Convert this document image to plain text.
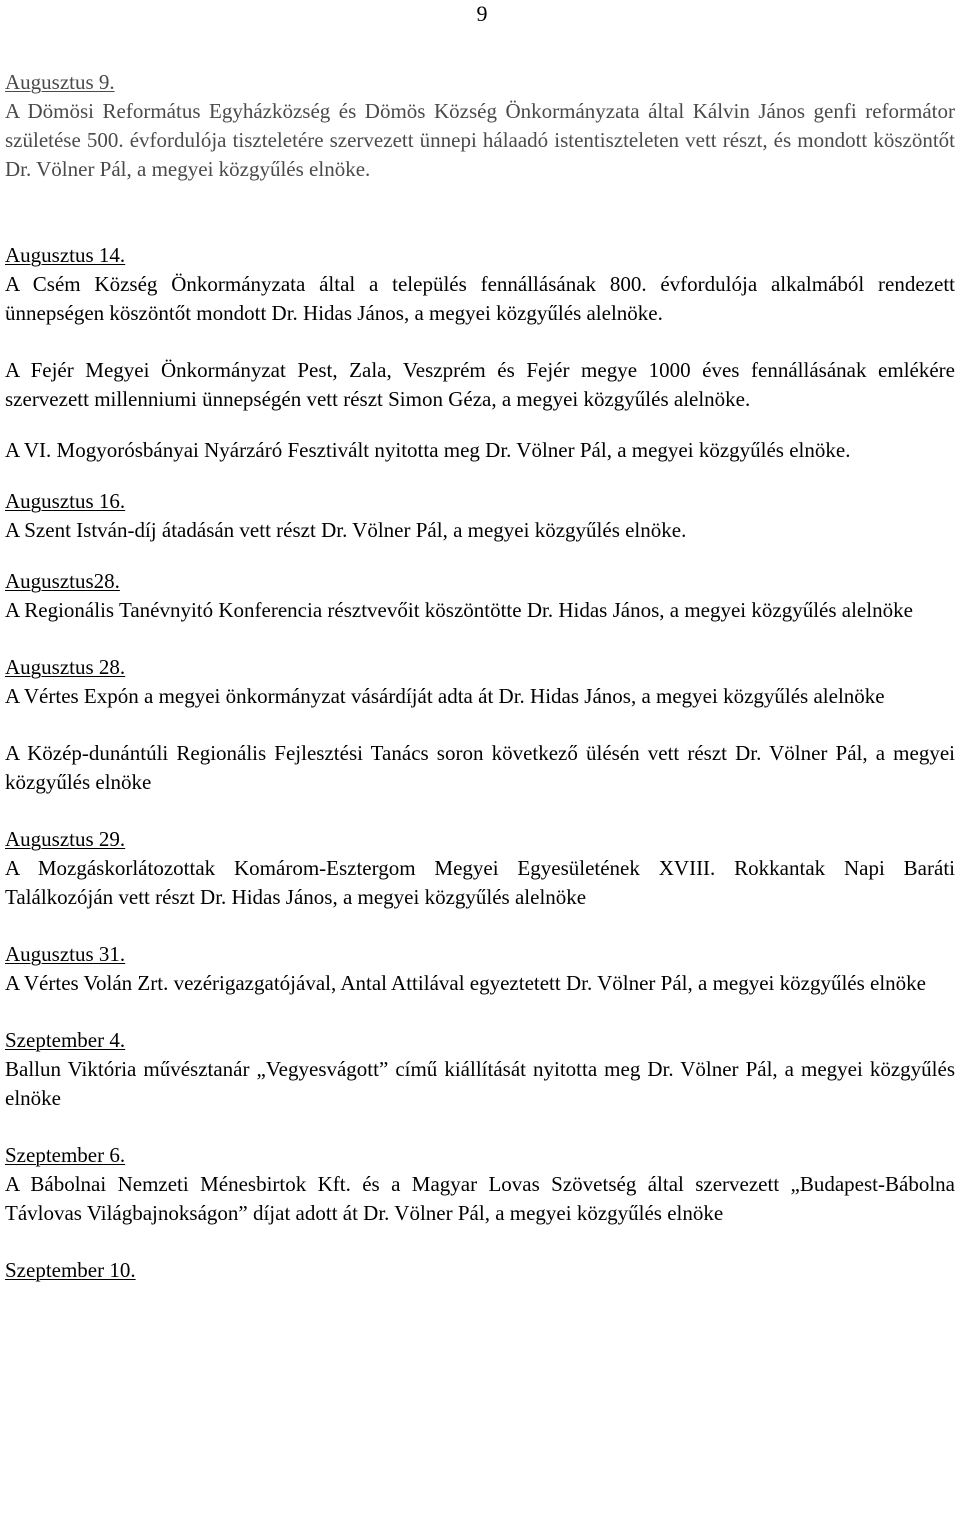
9

Augusztus 9.

A Dömösi Református Egyházközség és Dömös Község Önkormányzata által Kálvin János genfi reformátor születése 500. évfordulója tiszteletére szervezett ünnepi hálaadó istentiszteleten vett részt, és mondott köszöntőt Dr. Völner Pál, a megyei közgyűlés elnöke.

Augusztus 14.

A Csém Község Önkormányzata által a település fennállásának 800. évfordulója alkalmából rendezett ünnepségen köszöntőt mondott Dr. Hidas János, a megyei közgyűlés alelnöke.

A Fejér Megyei Önkormányzat Pest, Zala, Veszprém és Fejér megye 1000 éves fennállásának emlékére szervezett millenniumi ünnepségén vett részt Simon Géza, a megyei közgyűlés alelnöke.

A VI. Mogyorósbányai Nyárzáró Fesztivált nyitotta meg Dr. Völner Pál, a megyei közgyűlés elnöke.

Augusztus 16.

A Szent István-díj átadásán vett részt Dr. Völner Pál, a megyei közgyűlés elnöke.

Augusztus28.

A Regionális Tanévnyitó Konferencia résztvevőit köszöntötte Dr. Hidas János, a megyei közgyűlés alelnöke

Augusztus 28.

A Vértes Expón a megyei önkormányzat vásárdíját adta át Dr. Hidas János, a megyei közgyűlés alelnöke

A Közép-dunántúli Regionális Fejlesztési Tanács soron következő ülésén vett részt Dr. Völner Pál, a megyei közgyűlés elnöke

Augusztus 29.

A Mozgáskorlátozottak Komárom-Esztergom Megyei Egyesületének XVIII. Rokkantak Napi Baráti Találkozóján vett részt Dr. Hidas János, a megyei közgyűlés alelnöke

Augusztus 31.

A Vértes Volán Zrt. vezérigazgatójával, Antal Attilával egyeztetett Dr. Völner Pál, a megyei közgyűlés elnöke

Szeptember 4.

Ballun Viktória művésztanár „Vegyesvágott” című kiállítását nyitotta meg Dr. Völner Pál, a megyei közgyűlés elnöke

Szeptember 6.

A Bábolnai Nemzeti Ménesbirtok Kft. és a Magyar Lovas Szövetség által szervezett „Budapest-Bábolna Távlovas Világbajnokságon” díjat adott át Dr. Völner Pál, a megyei közgyűlés elnöke

Szeptember 10.
